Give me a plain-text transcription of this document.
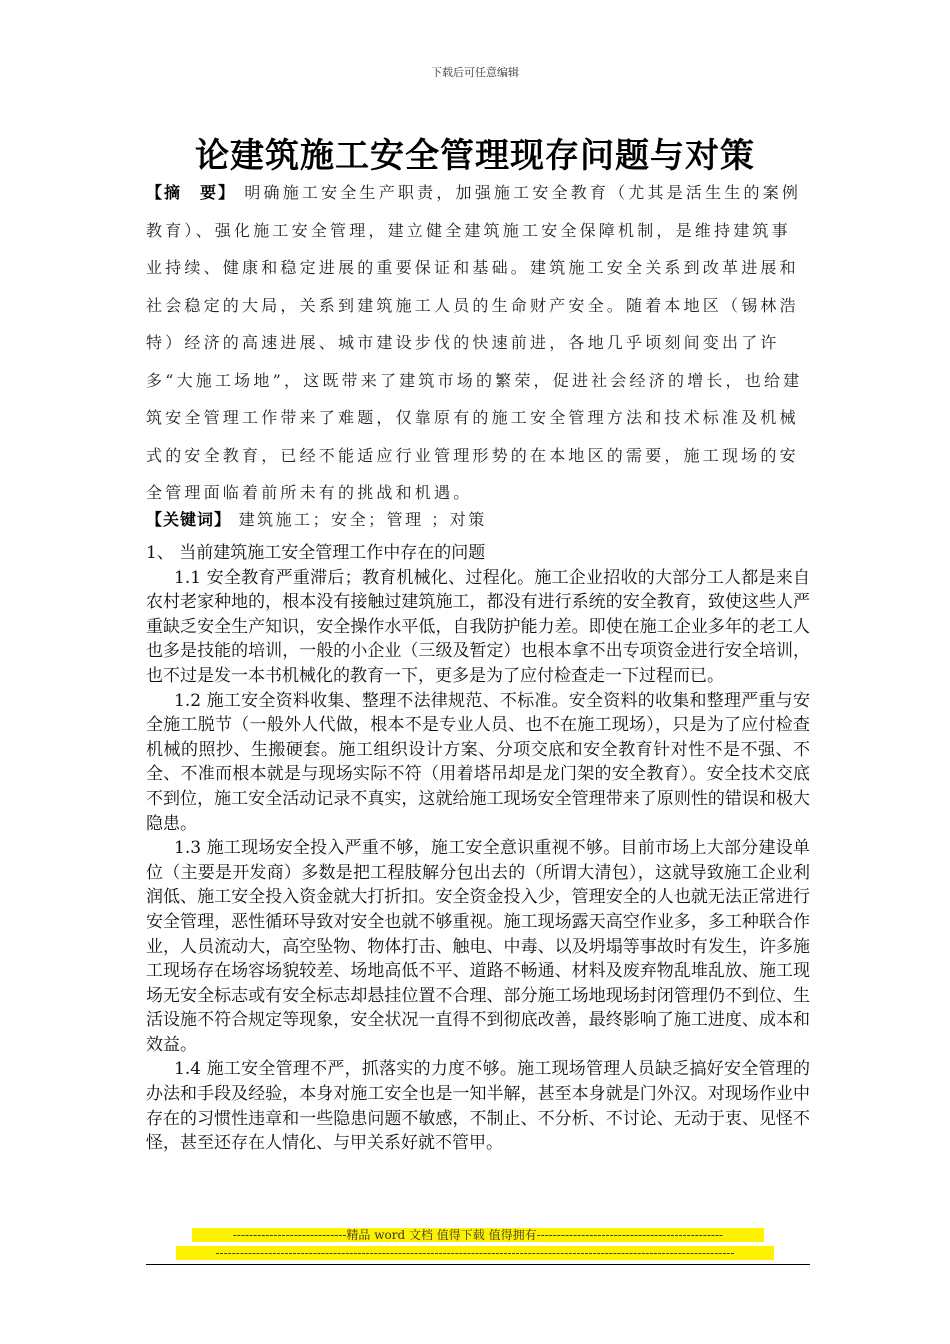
下载后可任意编辑
论建筑施工安全管理现存问题与对策
【摘　要】 明确施工安全生产职责，加强施工安全教育（尤其是活生生的案例教育）、强化施工安全管理，建立健全建筑施工安全保障机制，是维持建筑事业持续、健康和稳定进展的重要保证和基础。建筑施工安全关系到改革进展和社会稳定的大局，关系到建筑施工人员的生命财产安全。随着本地区（锡林浩特）经济的高速进展、城市建设步伐的快速前进，各地几乎顷刻间变出了许多“大施工场地”，这既带来了建筑市场的繁荣，促进社会经济的增长，也给建筑安全管理工作带来了难题，仅靠原有的施工安全管理方法和技术标准及机械式的安全教育，已经不能适应行业管理形势的在本地区的需要，施工现场的安全管理面临着前所未有的挑战和机遇。
【关键词】 建筑施工；安全；管理 ；对策

1、 当前建筑施工安全管理工作中存在的问题

1.1 安全教育严重滞后；教育机械化、过程化。施工企业招收的大部分工人都是来自农村老家种地的，根本没有接触过建筑施工，都没有进行系统的安全教育，致使这些人严重缺乏安全生产知识，安全操作水平低，自我防护能力差。即使在施工企业多年的老工人也多是技能的培训，一般的小企业（三级及暂定）也根本拿不出专项资金进行安全培训，也不过是发一本书机械化的教育一下，更多是为了应付检查走一下过程而已。

1.2 施工安全资料收集、整理不法律规范、不标准。安全资料的收集和整理严重与安全施工脱节（一般外人代做，根本不是专业人员、也不在施工现场），只是为了应付检查机械的照抄、生搬硬套。施工组织设计方案、分项交底和安全教育针对性不是不强、不全、不准而根本就是与现场实际不符（用着塔吊却是龙门架的安全教育）。安全技术交底不到位，施工安全活动记录不真实，这就给施工现场安全管理带来了原则性的错误和极大隐患。

1.3 施工现场安全投入严重不够，施工安全意识重视不够。目前市场上大部分建设单位（主要是开发商）多数是把工程肢解分包出去的（所谓大清包），这就导致施工企业利润低、施工安全投入资金就大打折扣。安全资金投入少，管理安全的人也就无法正常进行安全管理，恶性循环导致对安全也就不够重视。施工现场露天高空作业多，多工种联合作业，人员流动大，高空坠物、物体打击、触电、中毒、以及坍塌等事故时有发生，许多施工现场存在场容场貌较差、场地高低不平、道路不畅通、材料及废弃物乱堆乱放、施工现场无安全标志或有安全标志却悬挂位置不合理、部分施工场地现场封闭管理仍不到位、生活设施不符合规定等现象，安全状况一直得不到彻底改善，最终影响了施工进度、成本和效益。

1.4 施工安全管理不严，抓落实的力度不够。施工现场管理人员缺乏搞好安全管理的办法和手段及经验，本身对施工安全也是一知半解，甚至本身就是门外汉。对现场作业中存在的习惯性违章和一些隐患问题不敏感，不制止、不分析、不讨论、无动于衷、见怪不怪，甚至还存在人情化、与甲关系好就不管甲。

----------------------------精品 word 文档 值得下载 值得拥有----------------------------------------------
--------------------------------------------------------------------------------------------------------------------------------
